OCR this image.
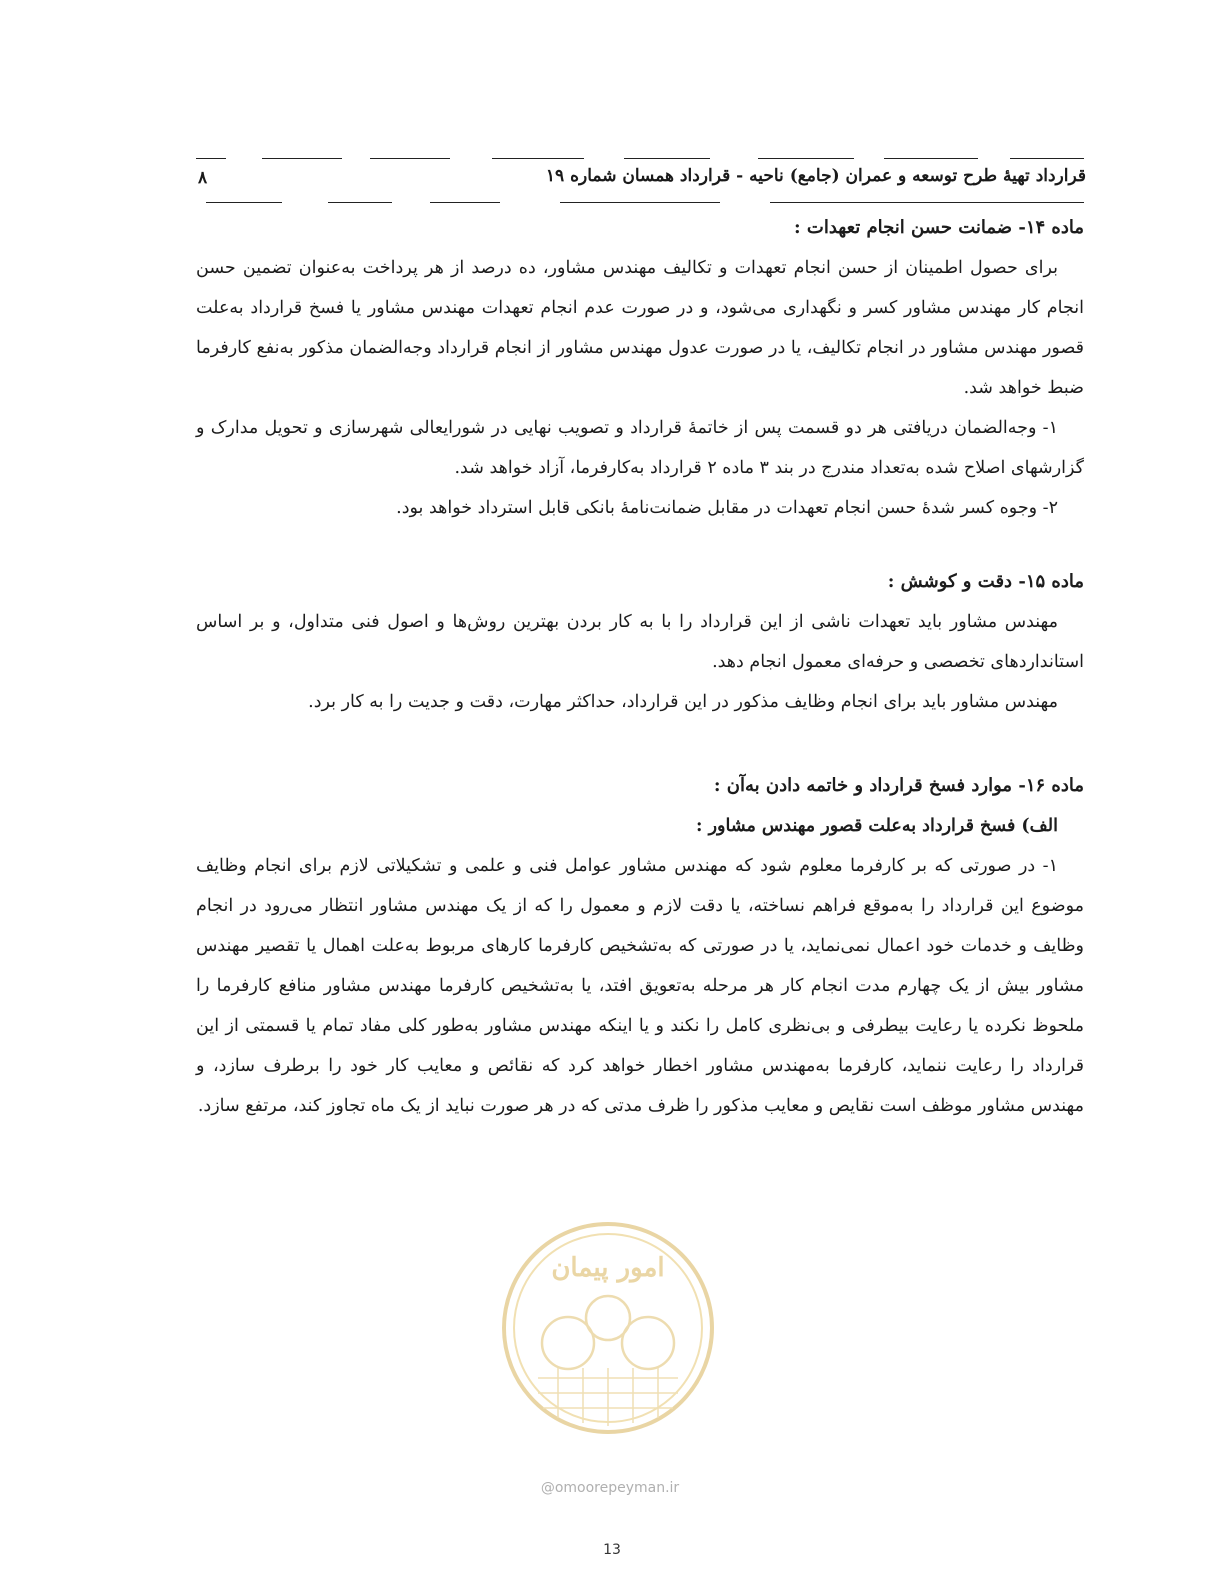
قرارداد تهیهٔ طرح توسعه و عمران (جامع) ناحیه - قرارداد همسان شماره ۱۹
۸
ماده ۱۴- ضمانت حسن انجام تعهدات :

برای حصول اطمینان از حسن انجام تعهدات و تکالیف مهندس مشاور، ده درصد از هر پرداخت به‌عنوان تضمین حسن انجام کار مهندس مشاور کسر و نگهداری می‌شود، و در صورت عدم انجام تعهدات مهندس مشاور یا فسخ قرارداد به‌علت قصور مهندس مشاور در انجام تکالیف، یا در صورت عدول مهندس مشاور از انجام قرارداد وجه‌الضمان مذکور به‌نفع کارفرما ضبط خواهد شد.

۱- وجه‌الضمان دریافتی هر دو قسمت پس از خاتمهٔ قرارداد و تصویب نهایی در شورایعالی شهرسازی و تحویل مدارک و گزارشهای اصلاح شده به‌تعداد مندرج در بند ۳ ماده ۲ قرارداد به‌کارفرما، آزاد خواهد شد.

۲- وجوه کسر شدهٔ حسن انجام تعهدات در مقابل ضمانت‌نامهٔ بانکی قابل استرداد خواهد بود.

ماده ۱۵- دقت و کوشش :

مهندس مشاور باید تعهدات ناشی از این قرارداد را با به کار بردن بهترین روش‌ها و اصول فنی متداول، و بر اساس استانداردهای تخصصی و حرفه‌ای معمول انجام دهد.

مهندس مشاور باید برای انجام وظایف مذکور در این قرارداد، حداکثر مهارت، دقت و جدیت را به کار برد.

ماده ۱۶- موارد فسخ قرارداد و خاتمه دادن به‌آن :

الف) فسخ قرارداد به‌علت قصور مهندس مشاور :

۱- در صورتی که بر کارفرما معلوم شود که مهندس مشاور عوامل فنی و علمی و تشکیلاتی لازم برای انجام وظایف موضوع این قرارداد را به‌موقع فراهم نساخته، یا دقت لازم و معمول را که از یک مهندس مشاور انتظار می‌رود در انجام وظایف و خدمات خود اعمال نمی‌نماید، یا در صورتی که به‌تشخیص کارفرما کارهای مربوط به‌علت اهمال یا تقصیر مهندس مشاور بیش از یک چهارم مدت انجام کار هر مرحله به‌تعویق افتد، یا به‌تشخیص کارفرما مهندس مشاور منافع کارفرما را ملحوظ نکرده یا رعایت بیطرفی و بی‌نظری کامل را نکند و یا اینکه مهندس مشاور به‌طور کلی مفاد تمام یا قسمتی از این قرارداد را رعایت ننماید، کارفرما به‌مهندس مشاور اخطار خواهد کرد که نقائص و معایب کار خود را برطرف سازد، و مهندس مشاور موظف است نقایص و معایب مذکور را ظرف مدتی که در هر صورت نباید از یک ماه تجاوز کند، مرتفع سازد.

امور پیمان
@omoorepeyman.ir
13
